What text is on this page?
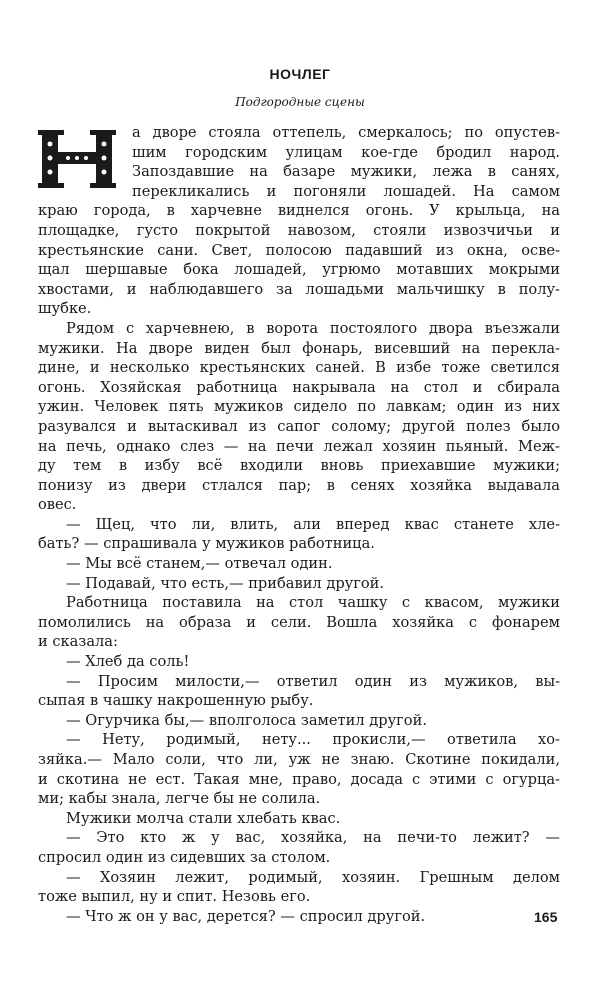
НОЧЛЕГ
Подгородные сцены
а дворе стояла оттепель, смеркалось; по опустев-
шим городским улицам кое-где бродил народ.
Запоздавшие на базаре мужики, лежа в санях,
перекликались и погоняли лошадей. На самом
краю города, в харчевне виднелся огонь. У крыльца, на
площадке, густо покрытой навозом, стояли извозчичьи и
крестьянские сани. Свет, полосою падавший из окна, осве-
щал шершавые бока лошадей, угрюмо мотавших мокрыми
хвостами, и наблюдавшего за лошадьми мальчишку в полу-
шубке.
Рядом с харчевнею, в ворота постоялого двора въезжали
мужики. На дворе виден был фонарь, висевший на перекла-
дине, и несколько крестьянских саней. В избе тоже светился
огонь. Хозяйская работница накрывала на стол и сбирала
ужин. Человек пять мужиков сидело по лавкам; один из них
разувался и вытаскивал из сапог солому; другой полез было
на печь, однако слез — на печи лежал хозяин пьяный. Меж-
ду тем в избу всё входили вновь приехавшие мужики;
понизу из двери стлался пар; в сенях хозяйка выдавала
овес.
— Щец, что ли, влить, али вперед квас станете хле-
бать? — спрашивала у мужиков работница.
— Мы всё станем,— отвечал один.
— Подавай, что есть,— прибавил другой.
Работница поставила на стол чашку с квасом, мужики
помолились на образа и сели. Вошла хозяйка с фонарем
и сказала:
— Хлеб да соль!
— Просим милости,— ответил один из мужиков, вы-
сыпая в чашку накрошенную рыбу.
— Огурчика бы,— вполголоса заметил другой.
— Нету, родимый, нету... прокисли,— ответила хо-
зяйка.— Мало соли, что ли, уж не знаю. Скотине покидали,
и скотина не ест. Такая мне, право, досада с этими с огурца-
ми; кабы знала, легче бы не солила.
Мужики молча стали хлебать квас.
— Это кто ж у вас, хозяйка, на печи-то лежит? —
спросил один из сидевших за столом.
— Хозяин лежит, родимый, хозяин. Грешным делом
тоже выпил, ну и спит. Незовь его.
— Что ж он у вас, дерется? — спросил другой.	165
